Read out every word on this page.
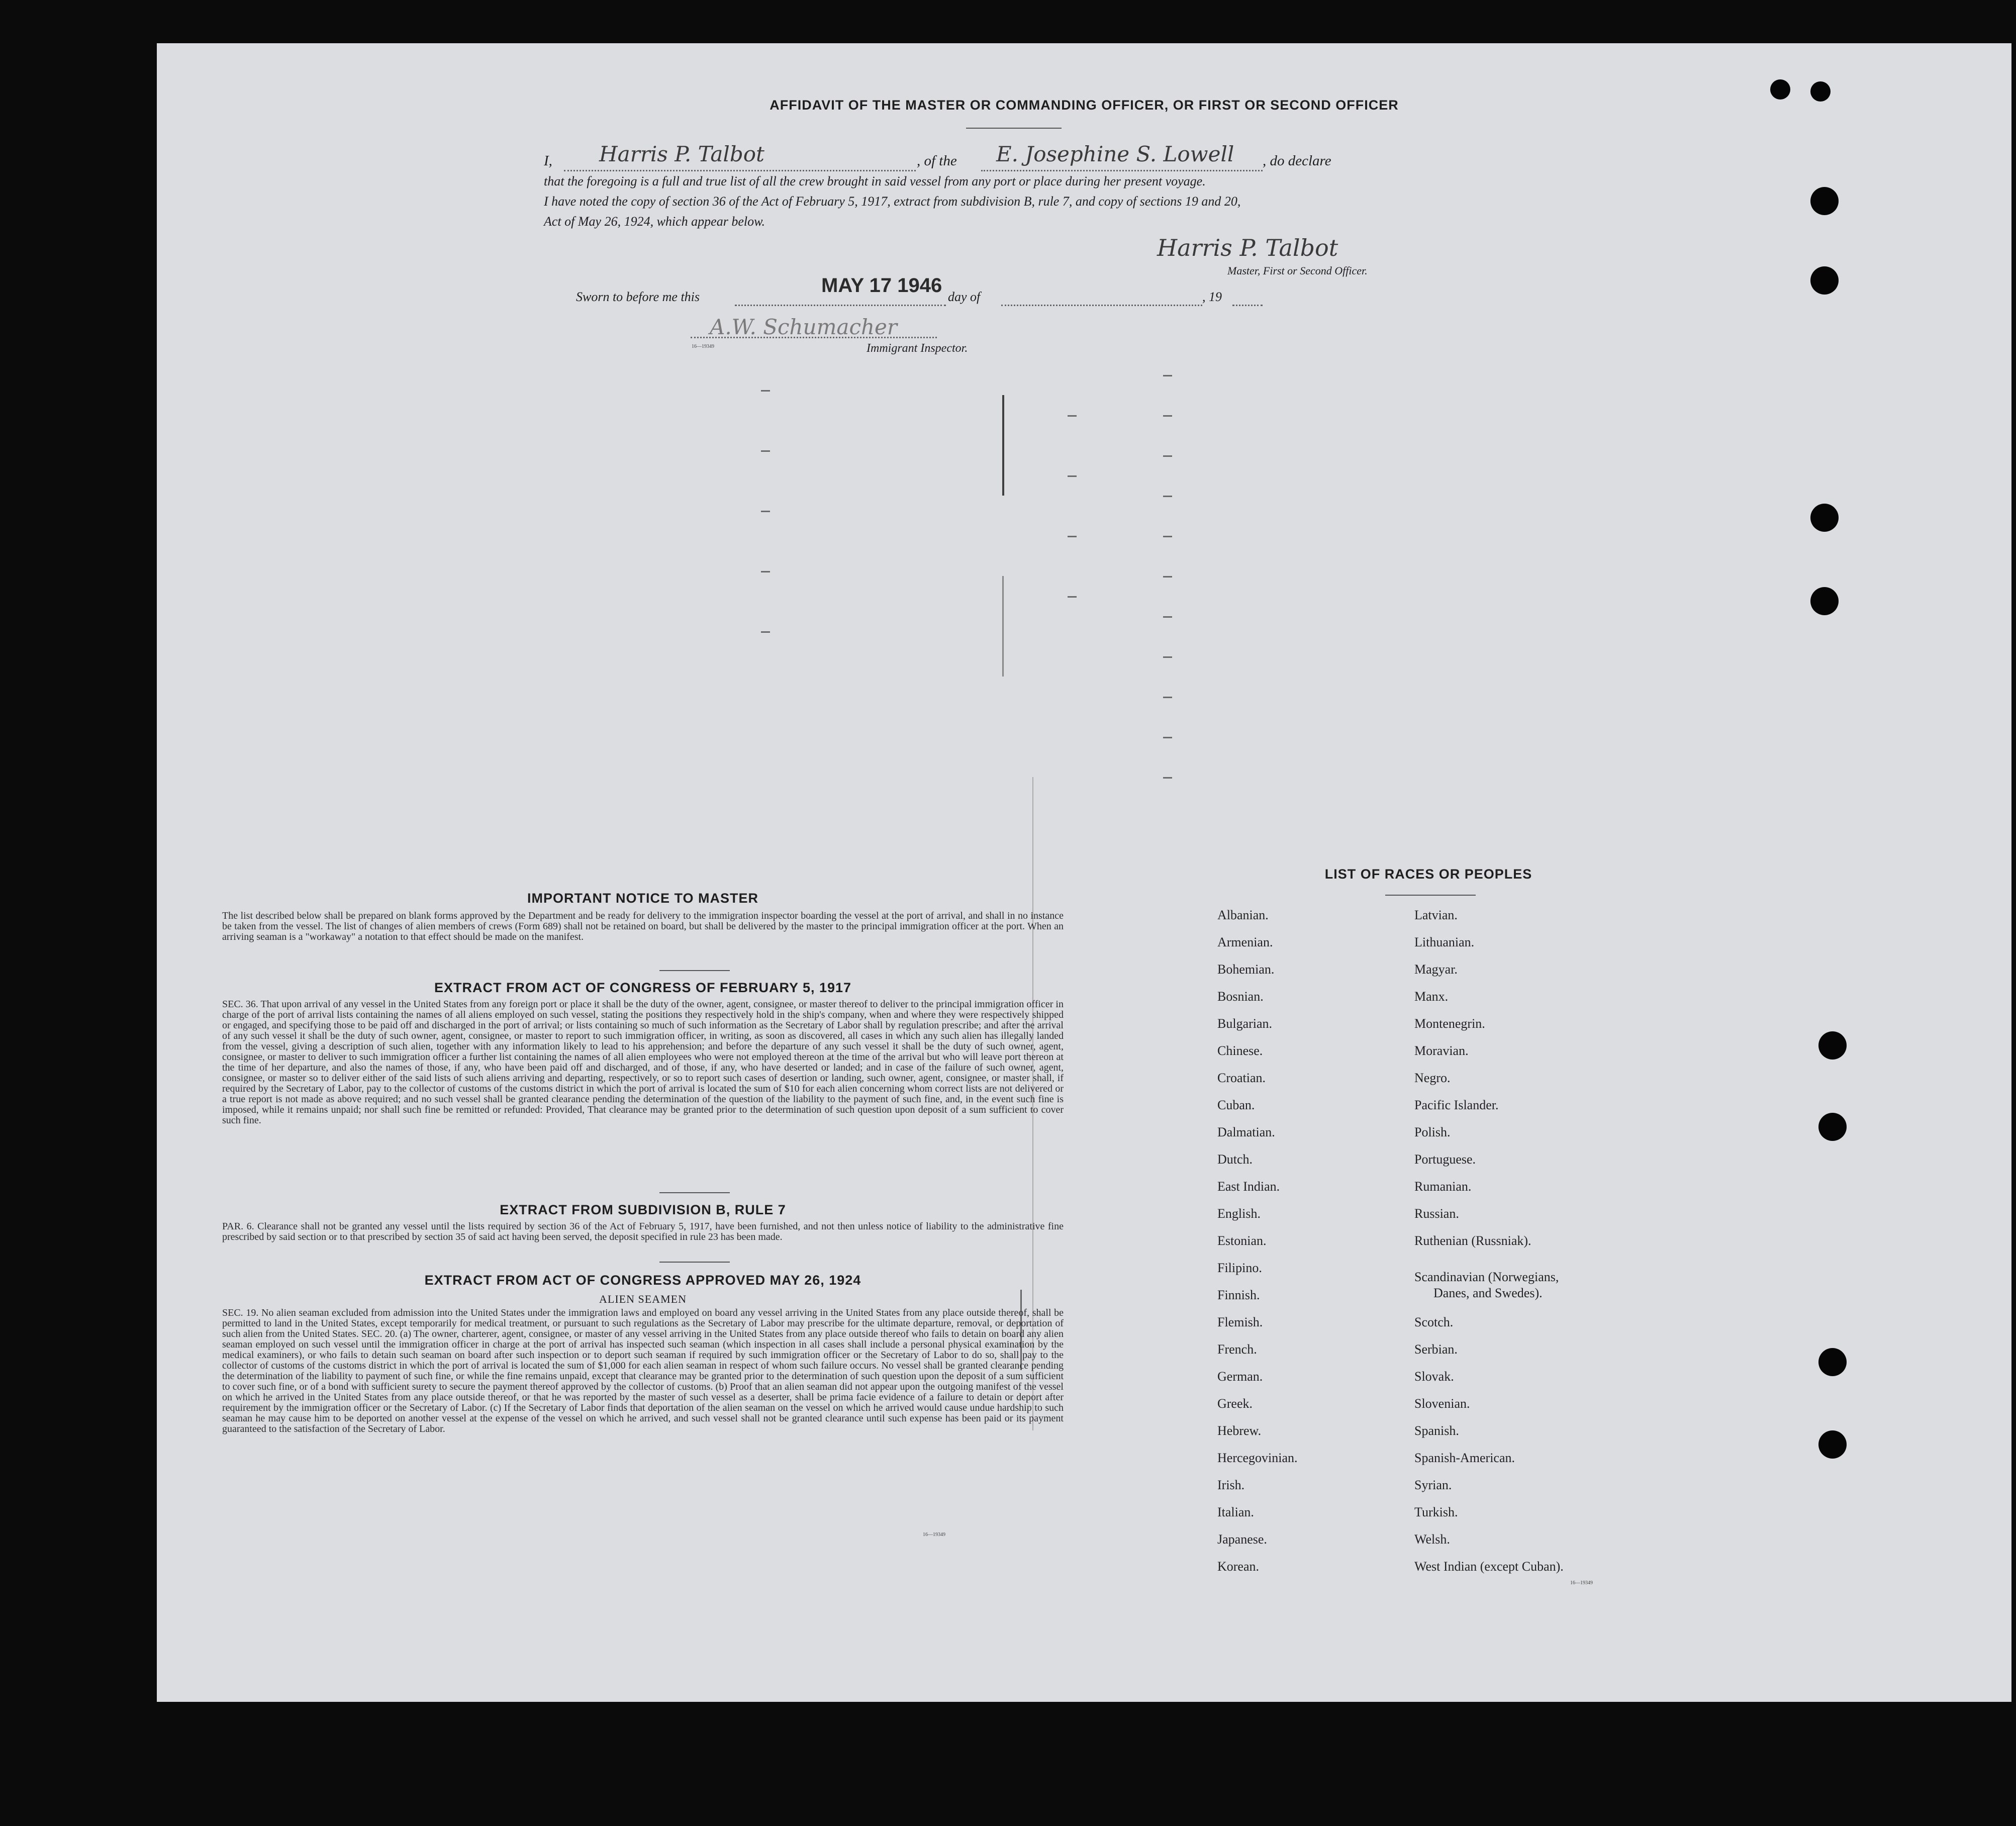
AFFIDAVIT OF THE MASTER OR COMMANDING OFFICER, OR FIRST OR SECOND OFFICER
I, Harris P. Talbot	, of the E. Josephine S. Lowell , do declare
that the foregoing is a full and true list of all the crew brought in said vessel from any port or place during her present voyage.
I have noted the copy of section 36 of the Act of February 5, 1917, extract from subdivision B, rule 7, and copy of sections 19 and 20,
Act of May 26, 1924, which appear below.
Harris P. Talbot
Master, First or Second Officer.
Sworn to before me this
MAY 17 1946
day of	, 19
A.W. Schumacher
16—19349	Immigrant Inspector.
IMPORTANT NOTICE TO MASTER
The list described below shall be prepared on blank forms approved by the Department and be ready for delivery to the immigration inspector boarding the vessel at the port of arrival, and shall in no instance be taken from the vessel. The list of changes of alien members of crews (Form 689) shall not be retained on board, but shall be delivered by the master to the principal immigration officer at the port. When an arriving seaman is a "workaway" a notation to that effect should be made on the manifest.
EXTRACT FROM ACT OF CONGRESS OF FEBRUARY 5, 1917
SEC. 36. That upon arrival of any vessel in the United States from any foreign port or place it shall be the duty of the owner, agent, consignee, or master thereof to deliver to the principal immigration officer in charge of the port of arrival lists containing the names of all aliens employed on such vessel, stating the positions they respectively hold in the ship's company, when and where they were respectively shipped or engaged, and specifying those to be paid off and discharged in the port of arrival; or lists containing so much of such information as the Secretary of Labor shall by regulation prescribe; and after the arrival of any such vessel it shall be the duty of such owner, agent, consignee, or master to report to such immigration officer, in writing, as soon as discovered, all cases in which any such alien has illegally landed from the vessel, giving a description of such alien, together with any information likely to lead to his apprehension; and before the departure of any such vessel it shall be the duty of such owner, agent, consignee, or master to deliver to such immigration officer a further list containing the names of all alien employees who were not employed thereon at the time of the arrival but who will leave port thereon at the time of her departure, and also the names of those, if any, who have been paid off and discharged, and of those, if any, who have deserted or landed; and in case of the failure of such owner, agent, consignee, or master so to deliver either of the said lists of such aliens arriving and departing, respectively, or so to report such cases of desertion or landing, such owner, agent, consignee, or master shall, if required by the Secretary of Labor, pay to the collector of customs of the customs district in which the port of arrival is located the sum of $10 for each alien concerning whom correct lists are not delivered or a true report is not made as above required; and no such vessel shall be granted clearance pending the determination of the question of the liability to the payment of such fine, and, in the event such fine is imposed, while it remains unpaid; nor shall such fine be remitted or refunded: Provided, That clearance may be granted prior to the determination of such question upon deposit of a sum sufficient to cover such fine.
EXTRACT FROM SUBDIVISION B, RULE 7
PAR. 6. Clearance shall not be granted any vessel until the lists required by section 36 of the Act of February 5, 1917, have been furnished, and not then unless notice of liability to the administrative fine prescribed by said section or to that prescribed by section 35 of said act having been served, the deposit specified in rule 23 has been made.
EXTRACT FROM ACT OF CONGRESS APPROVED MAY 26, 1924
ALIEN SEAMEN
SEC. 19. No alien seaman excluded from admission into the United States under the immigration laws and employed on board any vessel arriving in the United States from any place outside thereof, shall be permitted to land in the United States, except temporarily for medical treatment, or pursuant to such regulations as the Secretary of Labor may prescribe for the ultimate departure, removal, or deportation of such alien from the United States. SEC. 20. (a) The owner, charterer, agent, consignee, or master of any vessel arriving in the United States from any place outside thereof who fails to detain on board any alien seaman employed on such vessel until the immigration officer in charge at the port of arrival has inspected such seaman (which inspection in all cases shall include a personal physical examination by the medical examiners), or who fails to detain such seaman on board after such inspection or to deport such seaman if required by such immigration officer or the Secretary of Labor to do so, shall pay to the collector of customs of the customs district in which the port of arrival is located the sum of $1,000 for each alien seaman in respect of whom such failure occurs. No vessel shall be granted clearance pending the determination of the liability to payment of such fine, or while the fine remains unpaid, except that clearance may be granted prior to the determination of such question upon the deposit of a sum sufficient to cover such fine, or of a bond with sufficient surety to secure the payment thereof approved by the collector of customs. (b) Proof that an alien seaman did not appear upon the outgoing manifest of the vessel on which he arrived in the United States from any place outside thereof, or that he was reported by the master of such vessel as a deserter, shall be prima facie evidence of a failure to detain or deport after requirement by the immigration officer or the Secretary of Labor. (c) If the Secretary of Labor finds that deportation of the alien seaman on the vessel on which he arrived would cause undue hardship to such seaman he may cause him to be deported on another vessel at the expense of the vessel on which he arrived, and such vessel shall not be granted clearance until such expense has been paid or its payment guaranteed to the satisfaction of the Secretary of Labor.
16—19349
LIST OF RACES OR PEOPLES
Albanian.
Armenian.
Bohemian.
Bosnian.
Bulgarian.
Chinese.
Croatian.
Cuban.
Dalmatian.
Dutch.
East Indian.
English.
Estonian.
Filipino.
Finnish.
Flemish.
French.
German.
Greek.
Hebrew.
Hercegovinian.
Irish.
Italian.
Japanese.
Korean.
Latvian.
Lithuanian.
Magyar.
Manx.
Montenegrin.
Moravian.
Negro.
Pacific Islander.
Polish.
Portuguese.
Rumanian.
Russian.
Ruthenian (Russniak).
Scandinavian (Norwegians,
Danes, and Swedes).
Scotch.
Serbian.
Slovak.
Slovenian.
Spanish.
Spanish-American.
Syrian.
Turkish.
Welsh.
West Indian (except Cuban).
16—19349
